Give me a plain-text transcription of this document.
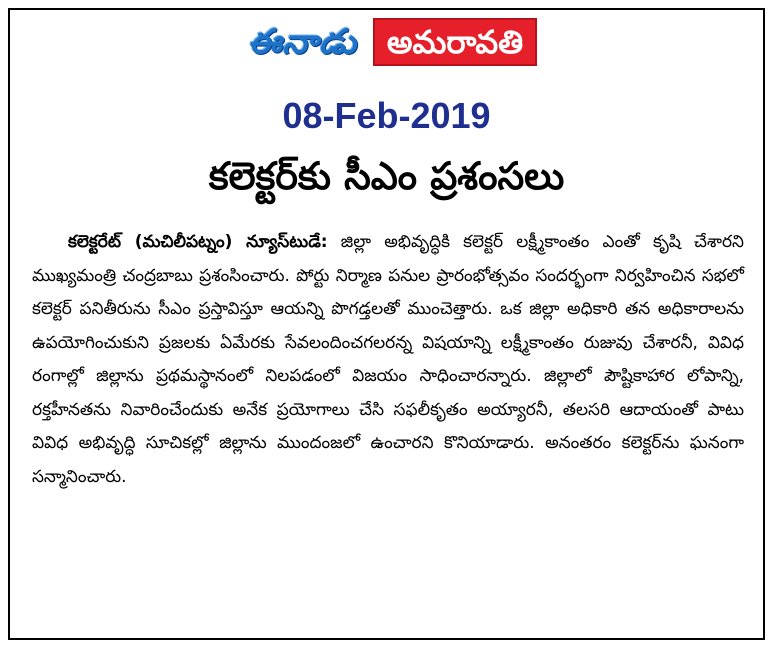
ఈనాడు అమరావతి
08-Feb-2019
కలెక్టర్‌కు సీఎం ప్రశంసలు

కలెక్టరేట్‌ (మచిలీపట్నం) న్యూస్‌టుడే: జిల్లా అభివృద్ధికి కలెక్టర్‌ లక్ష్మీకాంతం ఎంతో కృషి చేశారని ముఖ్యమంత్రి చంద్రబాబు ప్రశంసించారు. పోర్టు నిర్మాణ పనుల ప్రారంభోత్సవం సందర్భంగా నిర్వహించిన సభలో కలెక్టర్‌ పనితీరును సీఎం ప్రస్తావిస్తూ ఆయన్ని పొగడ్తలతో ముంచెత్తారు. ఒక జిల్లా అధికారి తన అధికారాలను ఉపయోగించుకుని ప్రజలకు ఏమేరకు సేవలందించగలరన్న విషయాన్ని లక్ష్మీకాంతం రుజువు చేశారనీ, వివిధ రంగాల్లో జిల్లాను ప్రథమస్థానంలో నిలపడంలో విజయం సాధించారన్నారు. జిల్లాలో పౌష్టికాహార లోపాన్ని, రక్తహీనతను నివారించేందుకు అనేక ప్రయోగాలు చేసి సఫలీకృతం అయ్యారనీ, తలసరి ఆదాయంతో పాటు వివిధ అభివృద్ధి సూచికల్లో జిల్లాను ముందంజలో ఉంచారని కొనియాడారు. అనంతరం కలెక్టర్‌ను ఘనంగా సన్మానించారు.
